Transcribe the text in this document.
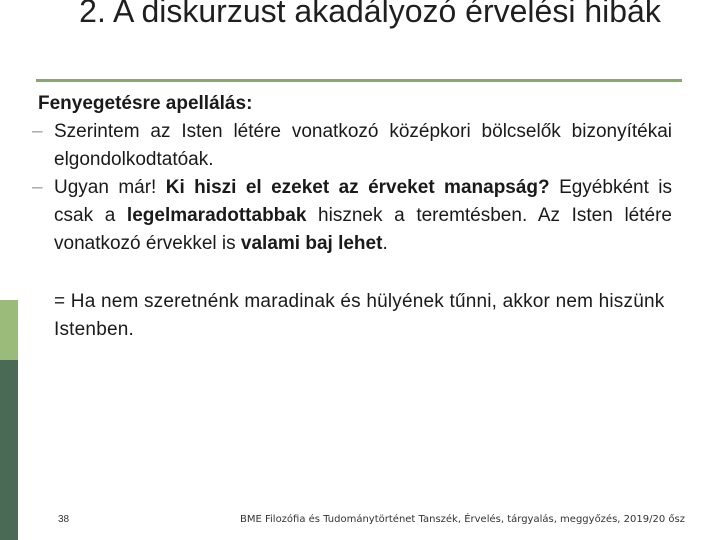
2. A diskurzust akadályozó érvelési hibák

Fenyegetésre apellálás:

– Szerintem az Isten létére vonatkozó középkori bölcselők bizonyítékai elgondolkodtatóak.

– Ugyan már! Ki hiszi el ezeket az érveket manapság? Egyébként is csak a legelmaradottabbak hisznek a teremtésben. Az Isten létére vonatkozó érvekkel is valami baj lehet.

= Ha nem szeretnénk maradinak és hülyének tűnni, akkor nem hiszünk Istenben.

38	BME Filozófia és Tudománytörténet Tanszék, Érvelés, tárgyalás, meggyőzés, 2019/20 ősz
